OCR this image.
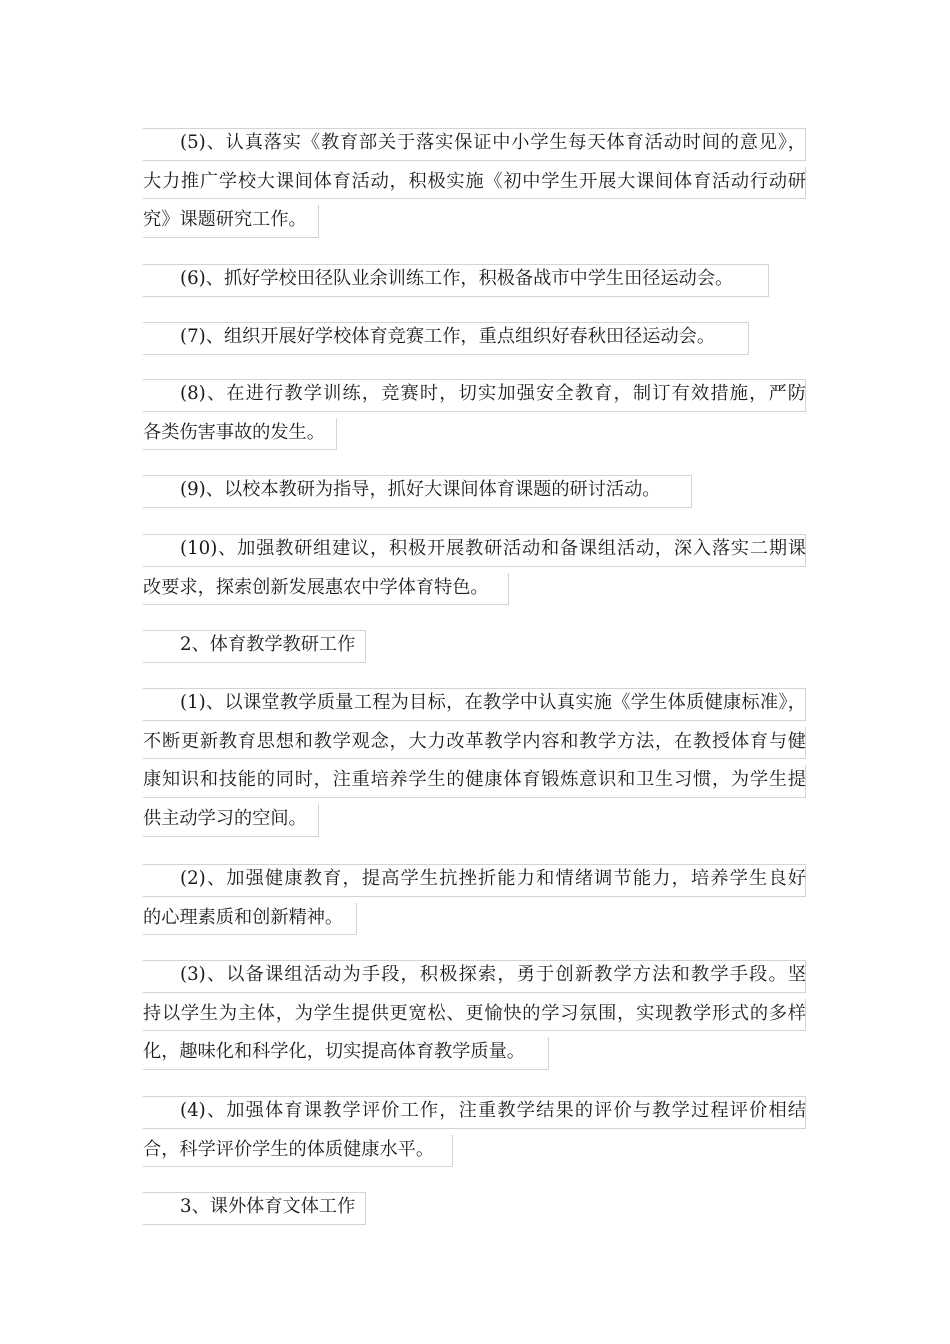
(5)、认真落实《教育部关于落实保证中小学生每天体育活动时间的意见》，
大力推广学校大课间体育活动，积极实施《初中学生开展大课间体育活动行动研
究》课题研究工作。
(6)、抓好学校田径队业余训练工作，积极备战市中学生田径运动会。
(7)、组织开展好学校体育竞赛工作，重点组织好春秋田径运动会。
(8)、在进行教学训练，竞赛时，切实加强安全教育，制订有效措施，严防
各类伤害事故的发生。
(9)、以校本教研为指导，抓好大课间体育课题的研讨活动。
(10)、加强教研组建议，积极开展教研活动和备课组活动，深入落实二期课
改要求，探索创新发展惠农中学体育特色。
2、体育教学教研工作
(1)、以课堂教学质量工程为目标，在教学中认真实施《学生体质健康标准》，
不断更新教育思想和教学观念，大力改革教学内容和教学方法，在教授体育与健
康知识和技能的同时，注重培养学生的健康体育锻炼意识和卫生习惯，为学生提
供主动学习的空间。
(2)、加强健康教育，提高学生抗挫折能力和情绪调节能力，培养学生良好
的心理素质和创新精神。
(3)、以备课组活动为手段，积极探索，勇于创新教学方法和教学手段。坚
持以学生为主体，为学生提供更宽松、更愉快的学习氛围，实现教学形式的多样
化，趣味化和科学化，切实提高体育教学质量。
(4)、加强体育课教学评价工作，注重教学结果的评价与教学过程评价相结
合，科学评价学生的体质健康水平。
3、课外体育文体工作
